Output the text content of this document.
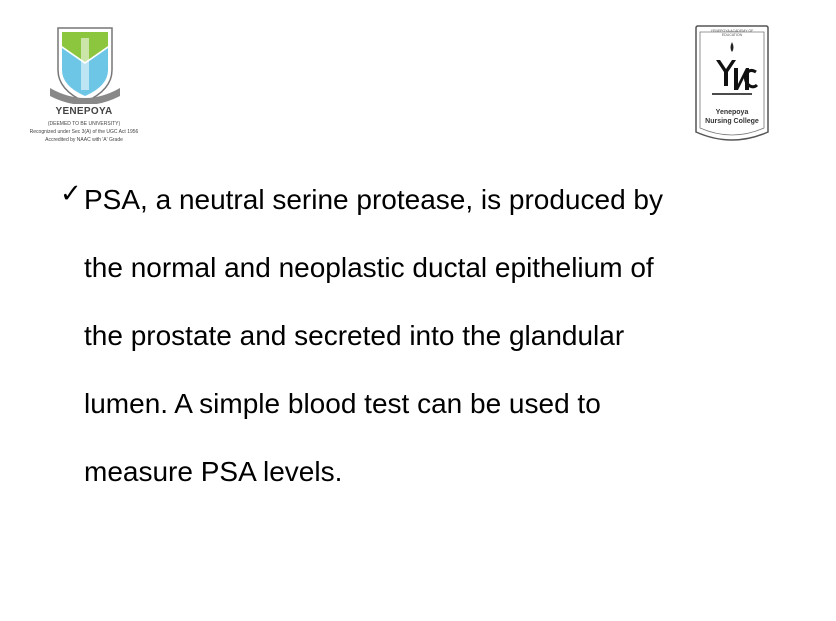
YENEPOYA
(DEEMED TO BE UNIVERSITY)
Recognized under Sec 3(A) of the UGC Act 1956
Accredited by NAAC with 'A' Grade
YENEPOYA ACADEMY OF EDUCATION
Yenepoya
Nursing College
✓ PSA, a neutral serine protease, is produced by
the normal and neoplastic ductal epithelium of
the prostate and secreted into the glandular
lumen. A simple blood test can be used to
measure PSA levels.
